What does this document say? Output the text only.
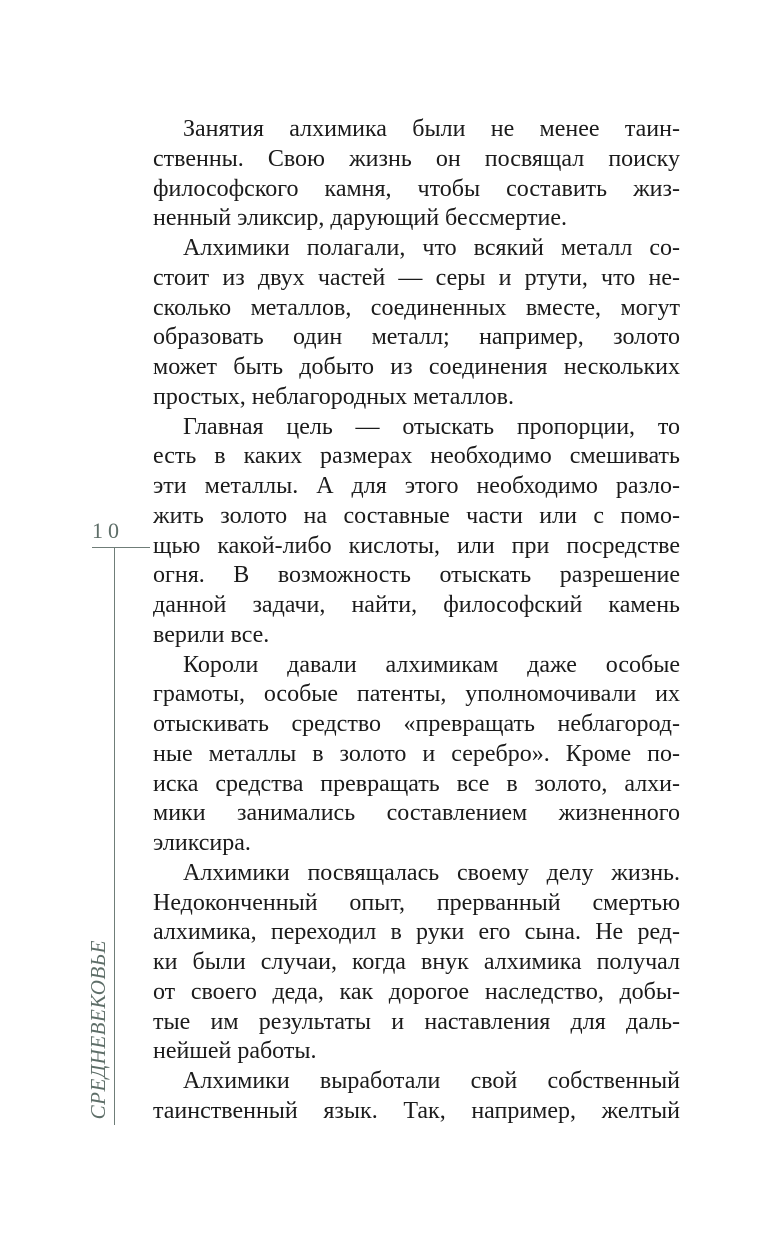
10
СРЕДНЕВЕКОВЬЕ
Занятия алхимика были не менее таин-
ственны. Свою жизнь он посвящал поиску
философского камня, чтобы составить жиз-
ненный эликсир, дарующий бессмертие.
Алхимики полагали, что всякий металл со-
стоит из двух частей — серы и ртути, что не-
сколько металлов, соединенных вместе, могут
образовать один металл; например, золото
может быть добыто из соединения нескольких
простых, неблагородных металлов.
Главная цель — отыскать пропорции, то
есть в каких размерах необходимо смешивать
эти металлы. А для этого необходимо разло-
жить золото на составные части или с помо-
щью какой-либо кислоты, или при посредстве
огня. В возможность отыскать разрешение
данной задачи, найти, философский камень
верили все.
Короли давали алхимикам даже особые
грамоты, особые патенты, уполномочивали их
отыскивать средство «превращать неблагород-
ные металлы в золото и серебро». Кроме по-
иска средства превращать все в золото, алхи-
мики занимались составлением жизненного
эликсира.
Алхимики посвящалась своему делу жизнь.
Недоконченный опыт, прерванный смертью
алхимика, переходил в руки его сына. Не ред-
ки были случаи, когда внук алхимика получал
от своего деда, как дорогое наследство, добы-
тые им результаты и наставления для даль-
нейшей работы.
Алхимики выработали свой собственный
таинственный язык. Так, например, желтый
